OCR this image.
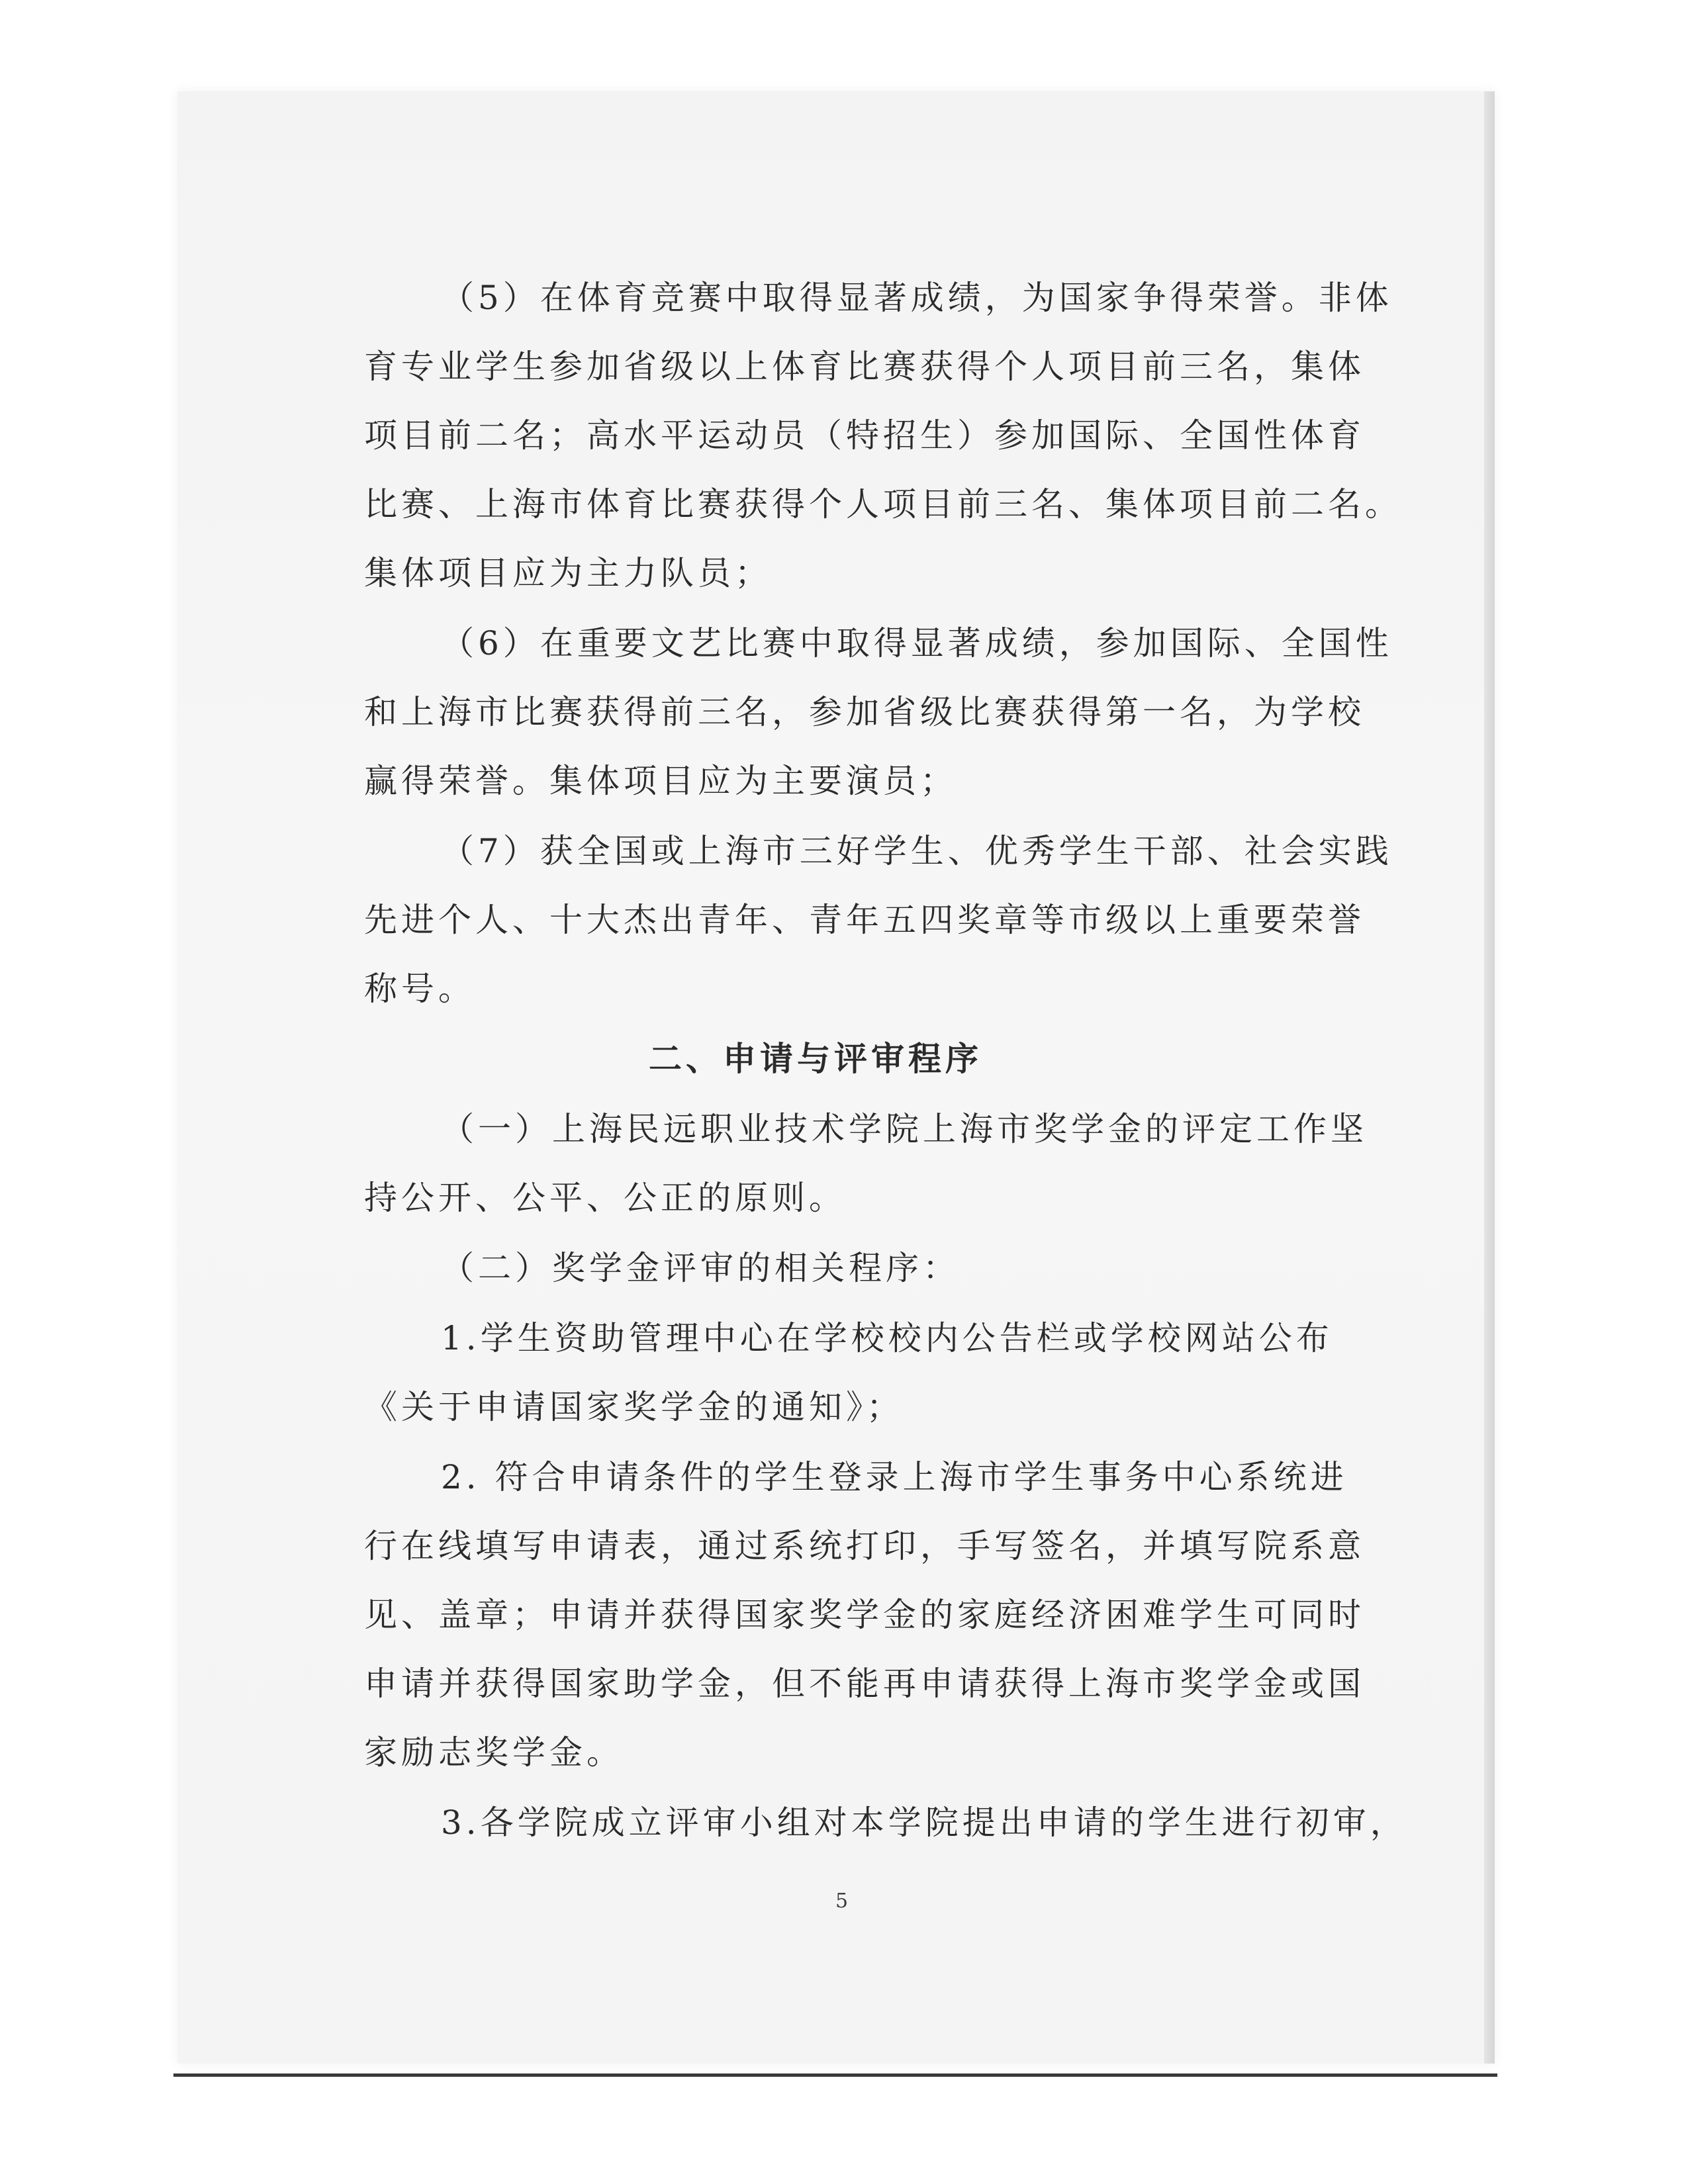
（5）在体育竞赛中取得显著成绩，为国家争得荣誉。非体
育专业学生参加省级以上体育比赛获得个人项目前三名，集体
项目前二名；高水平运动员（特招生）参加国际、全国性体育
比赛、上海市体育比赛获得个人项目前三名、集体项目前二名。
集体项目应为主力队员；
（6）在重要文艺比赛中取得显著成绩，参加国际、全国性
和上海市比赛获得前三名，参加省级比赛获得第一名，为学校
赢得荣誉。集体项目应为主要演员；
（7）获全国或上海市三好学生、优秀学生干部、社会实践
先进个人、十大杰出青年、青年五四奖章等市级以上重要荣誉
称号。
二、申请与评审程序
（一）上海民远职业技术学院上海市奖学金的评定工作坚
持公开、公平、公正的原则。
（二）奖学金评审的相关程序：
1.学生资助管理中心在学校校内公告栏或学校网站公布
《关于申请国家奖学金的通知》；
2. 符合申请条件的学生登录上海市学生事务中心系统进
行在线填写申请表，通过系统打印，手写签名，并填写院系意
见、盖章；申请并获得国家奖学金的家庭经济困难学生可同时
申请并获得国家助学金，但不能再申请获得上海市奖学金或国
家励志奖学金。
3.各学院成立评审小组对本学院提出申请的学生进行初审，
5
